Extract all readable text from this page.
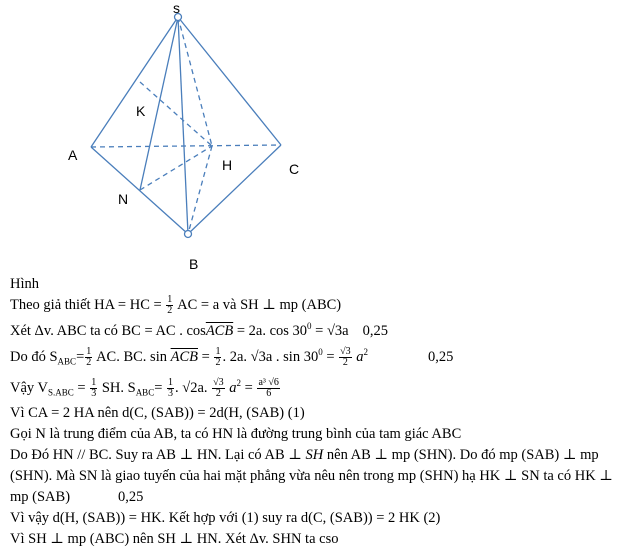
s
A
B
C
H
K
N
Hình
Theo giả thiết HA = HC = $\frac{1}{2}$ AC = a và SH ⊥ mp (ABC)
Xét Δv. ABC ta có BC = AC . $\cos\overline{ACB} = 2a$. $\cos 30^0 = √3a$ 0,25
Do đó $S_{ABC}= \frac{1}{2}$ AC. BC. $\sin \overline{ACB} = \frac{1}{2}$ . 2a. √3a . $\sin 30^0 = \frac{√3}{2} a^2$	0,25
Vậy $V_{S.ABC} = \frac{1}{3}$ SH. $S_{ABC}= \frac{1}{3}$ . √2a. $\frac{√3}{2} a^2 = \frac{\text{a³ √6}}{6}$
Vì CA = 2 HA nên d(C, (SAB)) = 2d(H, (SAB) (1)
Gọi N là trung điểm của AB, ta có HN là đường trung bình của tam giác ABC
Do Đó HN // BC. Suy ra AB ⊥ HN. Lại có AB ⊥ SH nên AB ⊥ mp (SHN). Do đó mp (SAB) ⊥ mp (SHN). Mà SN là giao tuyến của hai mặt phẳng vừa nêu nên trong mp (SHN) hạ HK ⊥ SN ta có HK ⊥ mp (SAB)	0,25
Vì vậy d(H, (SAB)) = HK. Kết hợp với (1) suy ra d(C, (SAB)) = 2 HK (2)
Vì SH ⊥ mp (ABC) nên SH ⊥ HN. Xét Δv. SHN ta cso
